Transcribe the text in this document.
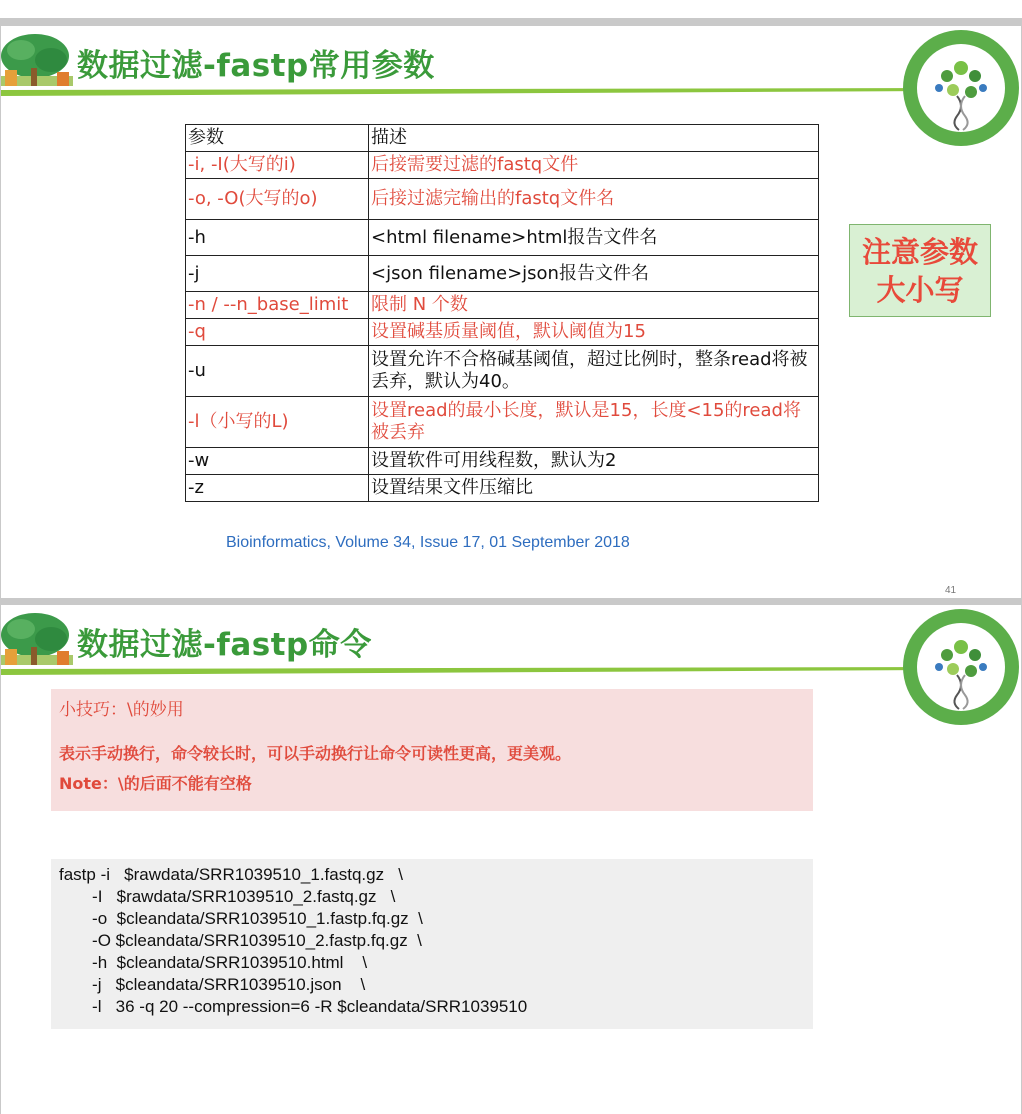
数据过滤-fastp常用参数
参数	描述
-i, -I(大写的i)	后接需要过滤的fastq文件
-o, -O(大写的o)	后接过滤完输出的fastq文件名
-h	<html filename>html报告文件名
-j	<json filename>json报告文件名
-n / --n_base_limit	限制 N 个数
-q	设置碱基质量阈值，默认阈值为15
-u	设置允许不合格碱基阈值，超过比例时，整条read将被丢弃，默认为40。
-l（小写的L)	设置read的最小长度，默认是15，长度<15的read将被丢弃
-w	设置软件可用线程数，默认为2
-z	设置结果文件压缩比
注意参数
大小写
Bioinformatics, Volume 34, Issue 17, 01 September 2018
41
数据过滤-fastp命令
小技巧：\的妙用
表示手动换行，命令较长时，可以手动换行让命令可读性更高，更美观。
Note：\的后面不能有空格
fastp -i   $rawdata/SRR1039510_1.fastq.gz   \
-I   $rawdata/SRR1039510_2.fastq.gz   \
-o  $cleandata/SRR1039510_1.fastp.fq.gz  \
-O $cleandata/SRR1039510_2.fastp.fq.gz  \
-h  $cleandata/SRR1039510.html    \
-j   $cleandata/SRR1039510.json    \
-l   36 -q 20 --compression=6 -R $cleandata/SRR1039510
